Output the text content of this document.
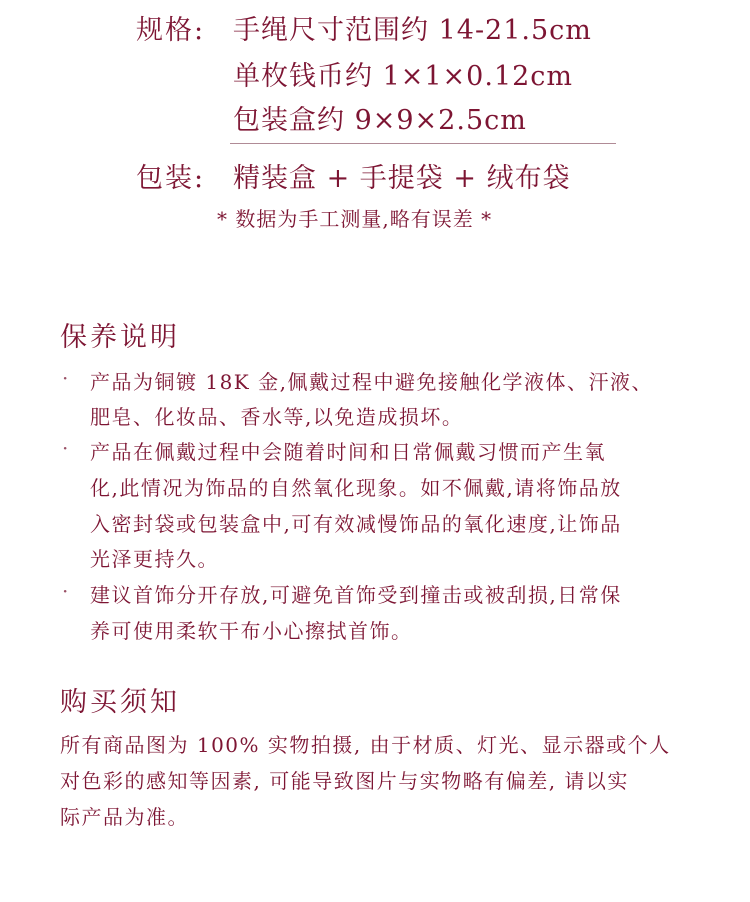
规格: 手绳尺寸范围约 14-21.5cm
单枚钱币约 1×1×0.12cm
包装盒约 9×9×2.5cm
包装: 精装盒 + 手提袋 + 绒布袋
* 数据为手工测量,略有误差 *
保养说明
· 产品为铜镀 18K 金,佩戴过程中避免接触化学液体、汗液、
肥皂、化妆品、香水等,以免造成损坏。
· 产品在佩戴过程中会随着时间和日常佩戴习惯而产生氧
化,此情况为饰品的自然氧化现象。如不佩戴,请将饰品放
入密封袋或包装盒中,可有效减慢饰品的氧化速度,让饰品
光泽更持久。
· 建议首饰分开存放,可避免首饰受到撞击或被刮损,日常保
养可使用柔软干布小心擦拭首饰。
购买须知
所有商品图为 100% 实物拍摄, 由于材质、灯光、显示器或个人
对色彩的感知等因素, 可能导致图片与实物略有偏差, 请以实
际产品为准。
